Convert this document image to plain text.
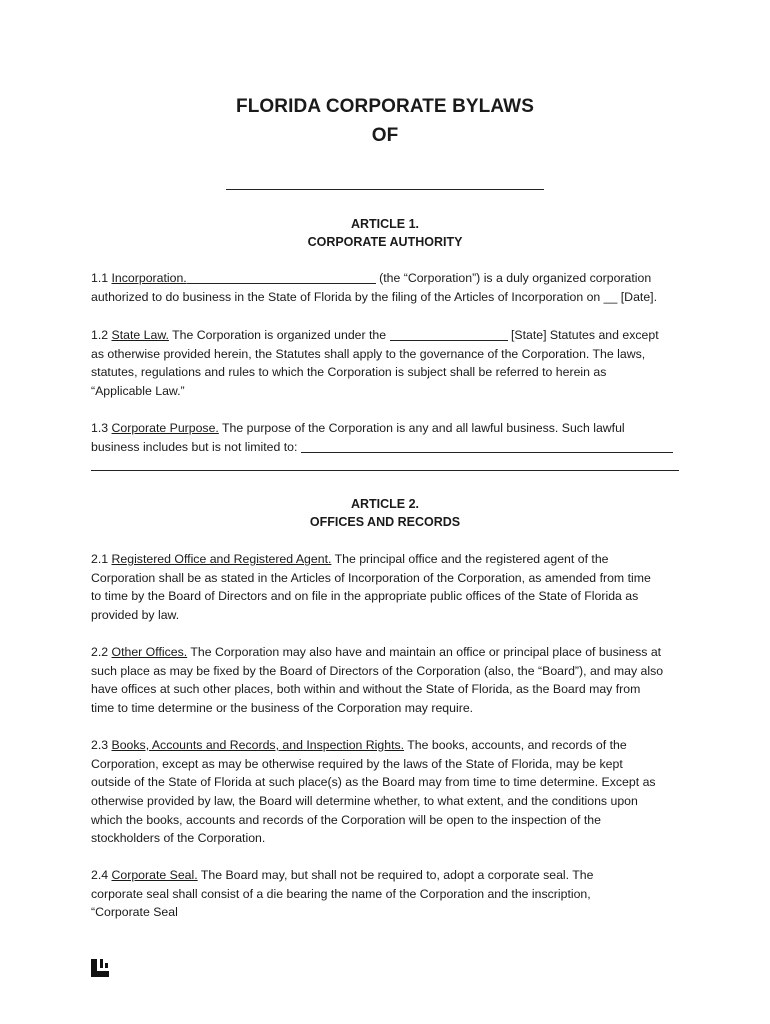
FLORIDA CORPORATE BYLAWS
OF
ARTICLE 1.
CORPORATE AUTHORITY
1.1 Incorporation.	(the “Corporation”) is a duly organized corporation
authorized to do business in the State of Florida by the filing of the Articles of Incorporation on __ [Date].
1.2 State Law. The Corporation is organized under the	[State] Statutes and except
as otherwise provided herein, the Statutes shall apply to the governance of the Corporation. The laws,
statutes, regulations and rules to which the Corporation is subject shall be referred to herein as
“Applicable Law.”
1.3 Corporate Purpose. The purpose of the Corporation is any and all lawful business. Such lawful
business includes but is not limited to:
ARTICLE 2.
OFFICES AND RECORDS
2.1 Registered Office and Registered Agent. The principal office and the registered agent of the
Corporation shall be as stated in the Articles of Incorporation of the Corporation, as amended from time
to time by the Board of Directors and on file in the appropriate public offices of the State of Florida as
provided by law.
2.2 Other Offices. The Corporation may also have and maintain an office or principal place of business at
such place as may be fixed by the Board of Directors of the Corporation (also, the “Board”), and may also
have offices at such other places, both within and without the State of Florida, as the Board may from
time to time determine or the business of the Corporation may require.
2.3 Books, Accounts and Records, and Inspection Rights. The books, accounts, and records of the
Corporation, except as may be otherwise required by the laws of the State of Florida, may be kept
outside of the State of Florida at such place(s) as the Board may from time to time determine. Except as
otherwise provided by law, the Board will determine whether, to what extent, and the conditions upon
which the books, accounts and records of the Corporation will be open to the inspection of the
stockholders of the Corporation.
2.4 Corporate Seal. The Board may, but shall not be required to, adopt a corporate seal. The
corporate seal shall consist of a die bearing the name of the Corporation and the inscription,
“Corporate Seal
